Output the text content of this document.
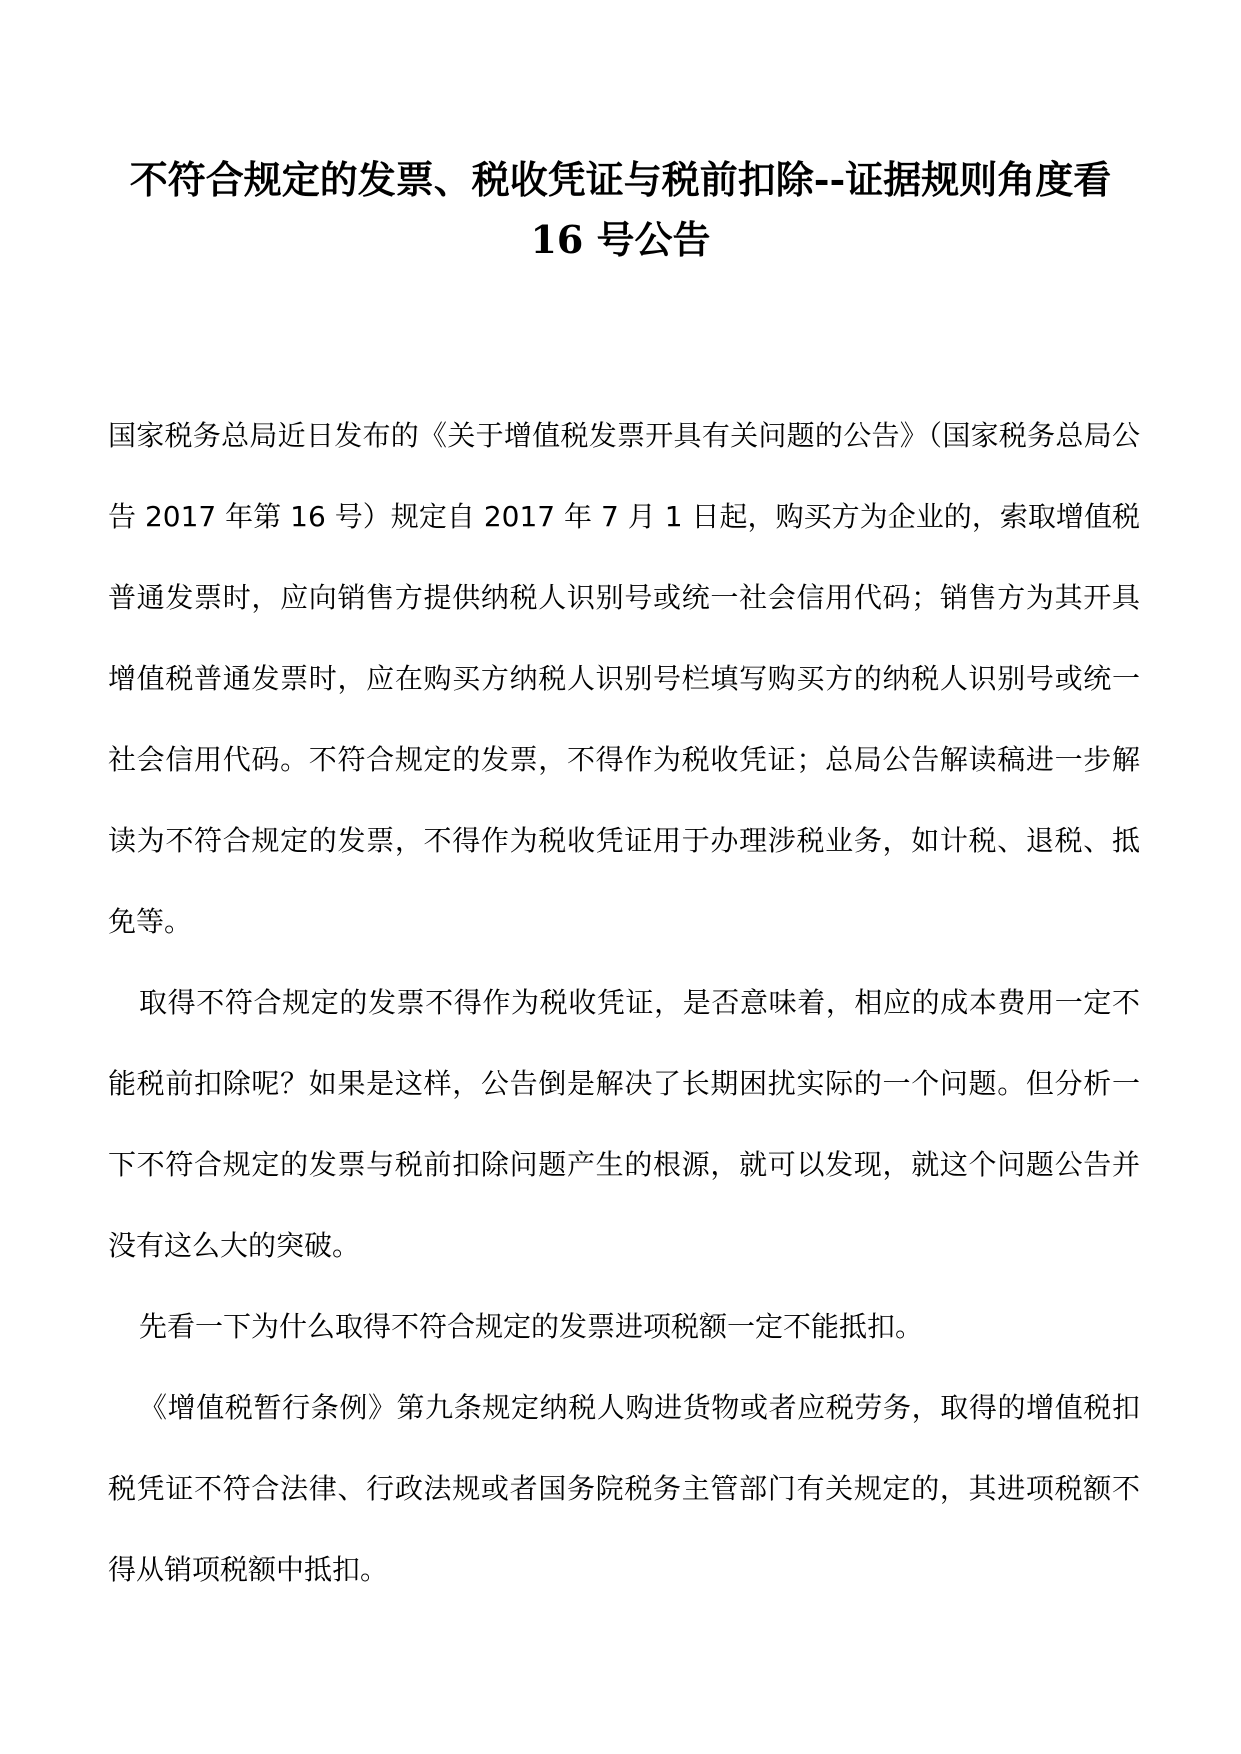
不符合规定的发票、税收凭证与税前扣除--证据规则角度看 16 号公告

国家税务总局近日发布的《关于增值税发票开具有关问题的公告》（国家税务总局公告 2017 年第 16 号）规定自 2017 年 7 月 1 日起，购买方为企业的，索取增值税普通发票时，应向销售方提供纳税人识别号或统一社会信用代码；销售方为其开具增值税普通发票时，应在购买方纳税人识别号栏填写购买方的纳税人识别号或统一社会信用代码。不符合规定的发票，不得作为税收凭证；总局公告解读稿进一步解读为不符合规定的发票，不得作为税收凭证用于办理涉税业务，如计税、退税、抵免等。

取得不符合规定的发票不得作为税收凭证，是否意味着，相应的成本费用一定不能税前扣除呢？如果是这样，公告倒是解决了长期困扰实际的一个问题。但分析一下不符合规定的发票与税前扣除问题产生的根源，就可以发现，就这个问题公告并没有这么大的突破。

先看一下为什么取得不符合规定的发票进项税额一定不能抵扣。

《增值税暂行条例》第九条规定纳税人购进货物或者应税劳务，取得的增值税扣税凭证不符合法律、行政法规或者国务院税务主管部门有关规定的，其进项税额不得从销项税额中抵扣。
